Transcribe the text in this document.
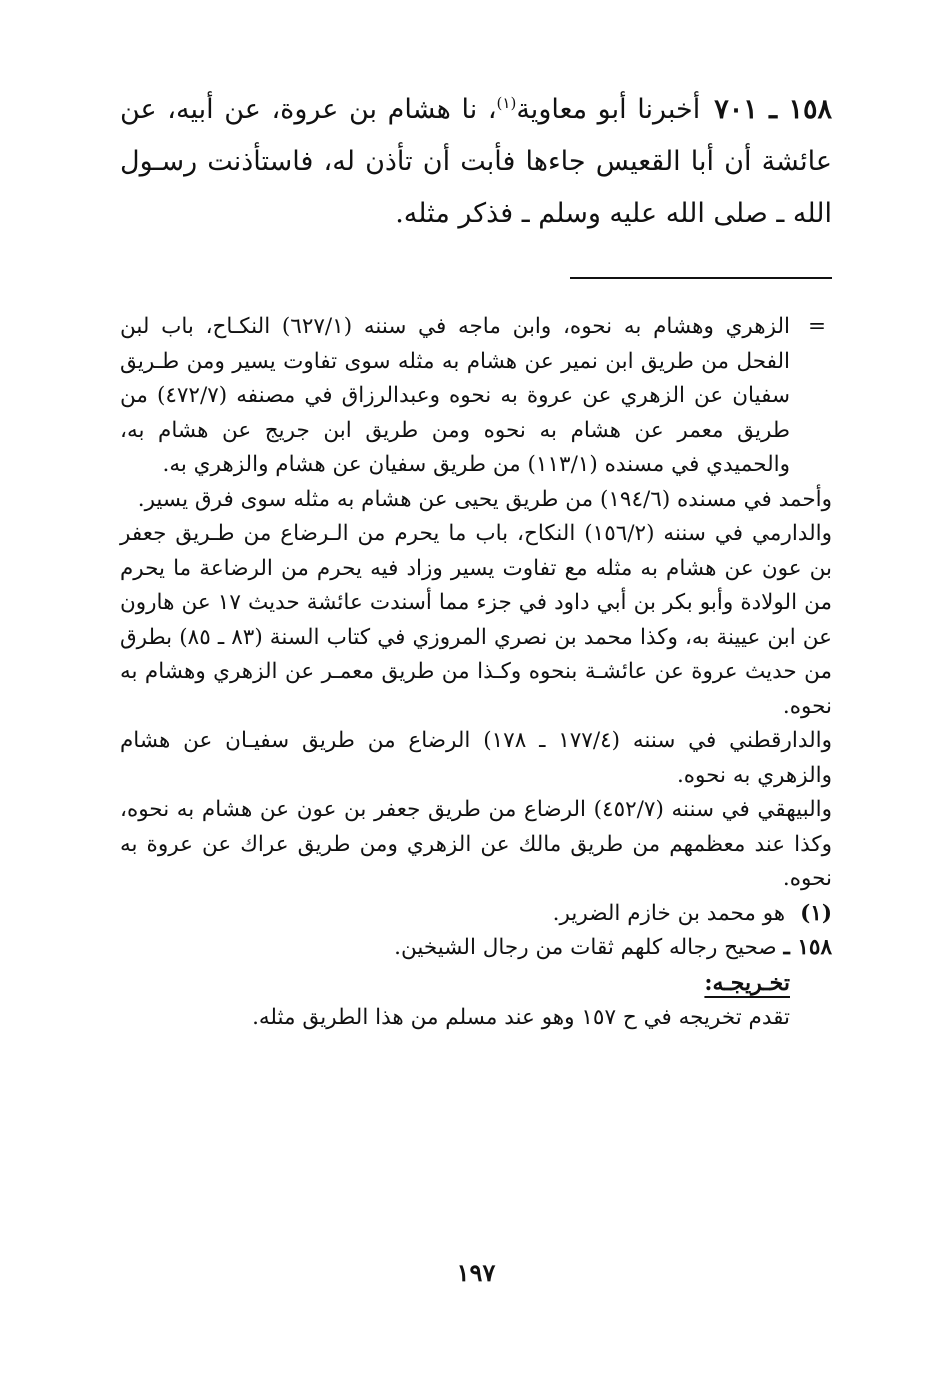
١٥٨ ـ ٧٠١أخبرنا أبو معاوية$^{(١)}$، نا هشام بن عروة، عن أبيه، عن عائشة أن أبا القعيس جاءها فأبت أن تأذن له، فاستأذنت رسـول الله ـ صلى الله عليه وسلم ـ فذكر مثله.
=

الزهري وهشام به نحوه، وابن ماجه في سننه (٦٢٧/١) النكـاح، باب لبن الفحل من طريق ابن نمير عن هشام به مثله سوى تفاوت يسير ومن طـريق سفيان عن الزهري عن عروة به نحوه وعبدالرزاق في مصنفه (٤٧٢/٧) من طريق معمر عن هشام به نحوه ومن طريق ابن جريج عن هشام به، والحميدي في مسنده (١١٣/١) من طريق سفيان عن هشام والزهري به.

وأحمد في مسنده (١٩٤/٦) من طريق يحيى عن هشام به مثله سوى فرق يسير.

والدارمي في سننه (١٥٦/٢) النكاح، باب ما يحرم من الـرضاع من طـريق جعفر بن عون عن هشام به مثله مع تفاوت يسير وزاد فيه يحرم من الرضاعة ما يحرم من الولادة وأبو بكر بن أبي داود في جزء مما أسندت عائشة حديث ١٧ عن هارون عن ابن عيينة به، وكذا محمد بن نصري المروزي في كتاب السنة (٨٣ ـ ٨٥) بطرق من حديث عروة عن عائشـة بنحوه وكـذا من طريق معمـر عن الزهري وهشام به نحوه.

والدارقطني في سننه (١٧٧/٤ ـ ١٧٨) الرضاع من طريق سفيـان عن هشام والزهري به نحوه.

والبيهقي في سننه (٤٥٢/٧) الرضاع من طريق جعفر بن عون عن هشام به نحوه، وكذا عند معظمهم من طريق مالك عن الزهري ومن طريق عراك عن عروة به نحوه.

(١) هو محمد بن خازم الضرير.

١٥٨ ـ صحيح رجاله كلهم ثقات من رجال الشيخين.

تخـريجـه:

تقدم تخريجه في ح ١٥٧ وهو عند مسلم من هذا الطريق مثله.

١٩٧
